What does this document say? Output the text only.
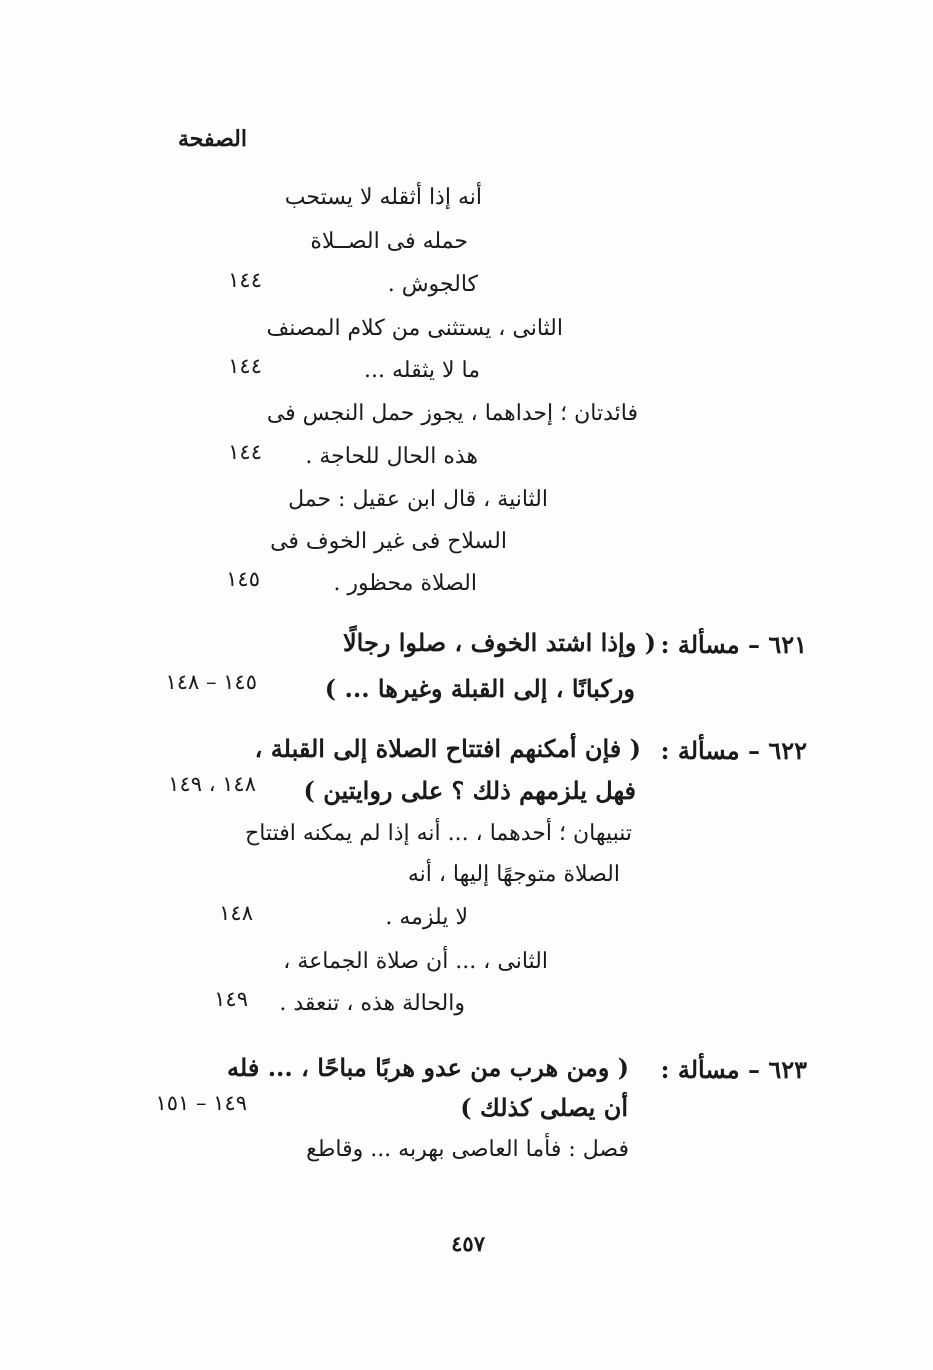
الصفحة
أنه إذا أثقله لا يستحب
حمله فى الصــلاة
كالجوش .
١٤٤
الثانى ، يستثنى من كلام المصنف
ما لا يثقله ...
١٤٤
فائدتان ؛ إحداهما ، يجوز حمل النجس فى
هذه الحال للحاجة .
١٤٤
الثانية ، قال ابن عقيل : حمل
السلاح فى غير الخوف فى
الصلاة محظور .
١٤٥
٦٢١ – مسألة :
( وإذا اشتد الخوف ، صلوا رجالًا
وركبانًا ، إلى القبلة وغيرها ... )
١٤٥ – ١٤٨
٦٢٢ – مسألة :
( فإن أمكنهم افتتاح الصلاة إلى القبلة ،
فهل يلزمهم ذلك ؟ على روايتين )
١٤٨ ، ١٤٩
تنبيهان ؛ أحدهما ، ... أنه إذا لم يمكنه افتتاح
الصلاة متوجهًا إليها ، أنه
لا يلزمه .
١٤٨
الثانى ، ... أن صلاة الجماعة ،
والحالة هذه ، تنعقد .
١٤٩
٦٢٣ – مسألة :
( ومن هرب من عدو هربًا مباحًا ، ... فله
أن يصلى كذلك )
١٤٩ – ١٥١
فصل : فأما العاصى بهربه ... وقاطع
٤٥٧
